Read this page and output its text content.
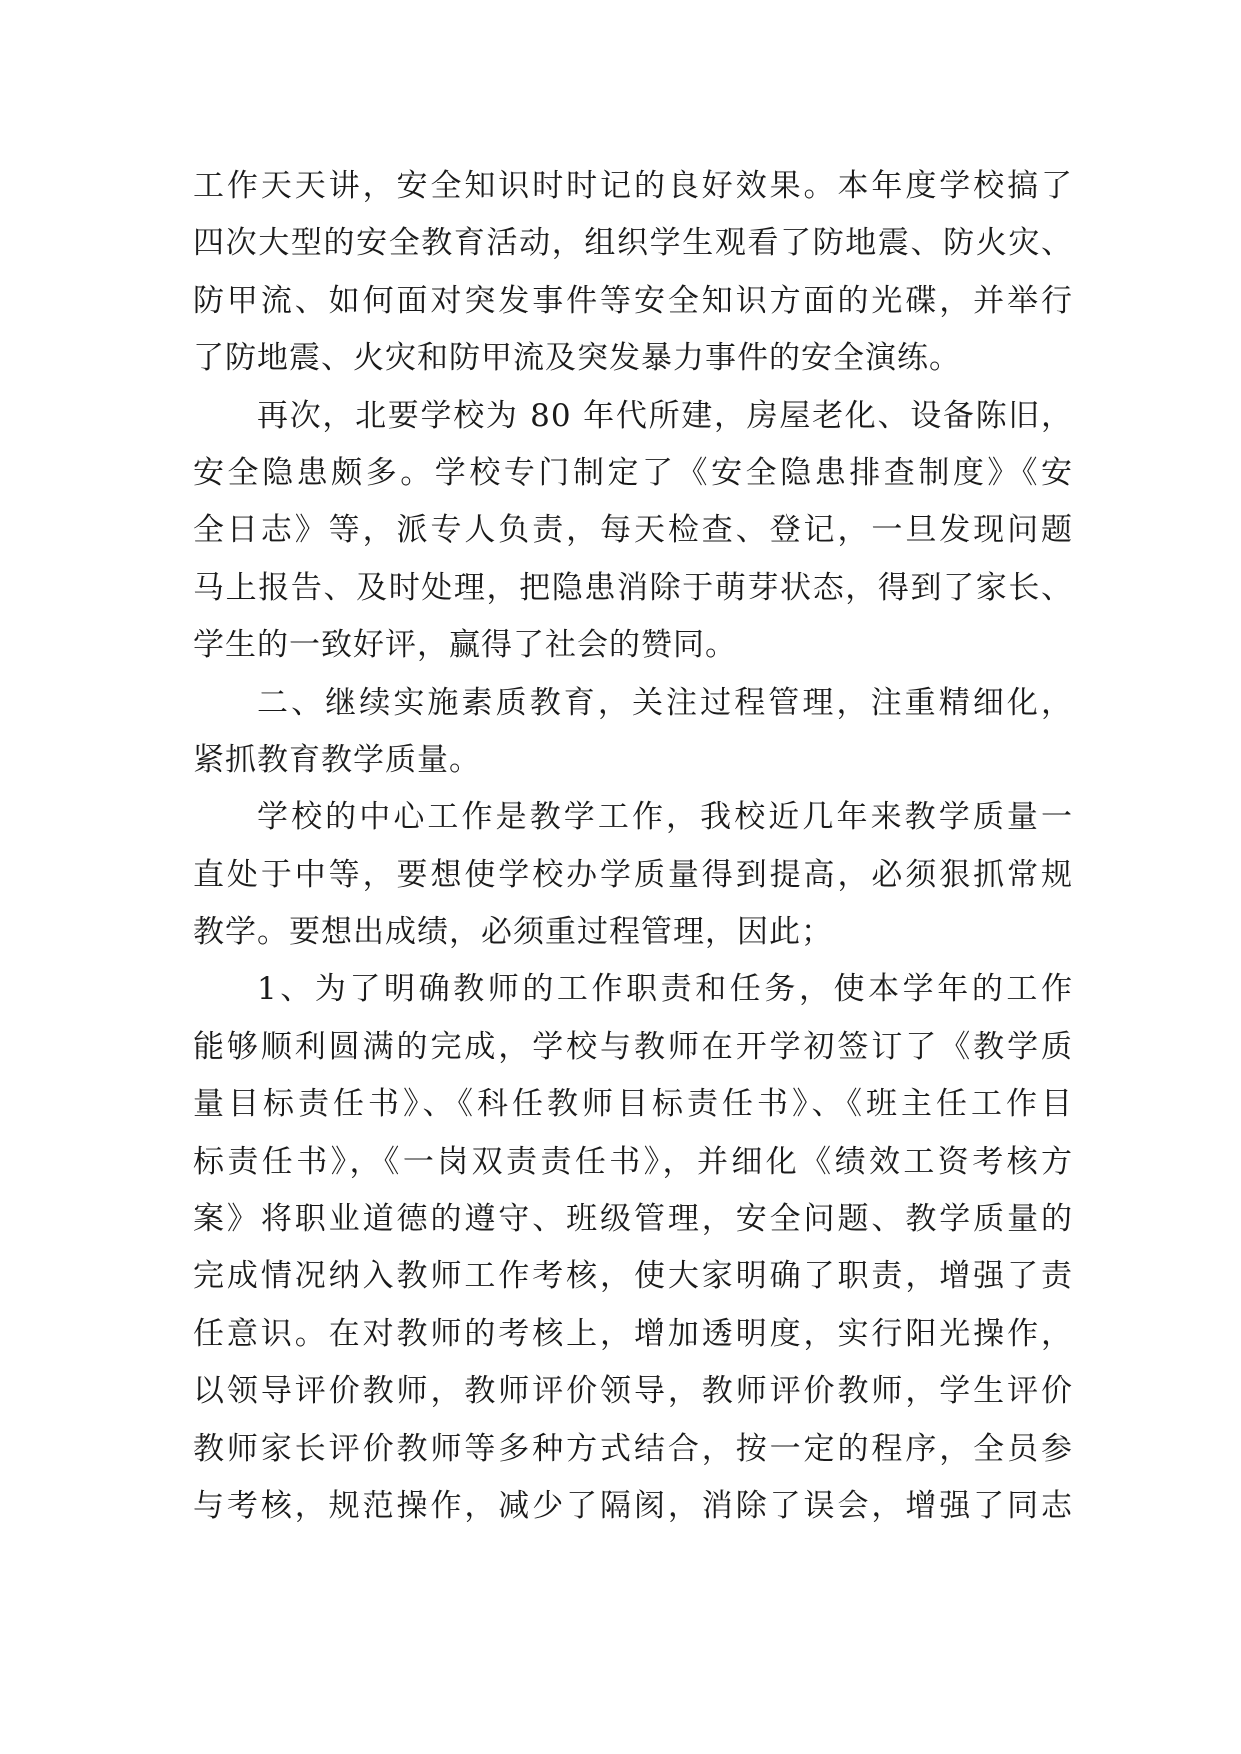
工作天天讲，安全知识时时记的良好效果。本年度学校搞了
四次大型的安全教育活动，组织学生观看了防地震、防火灾、
防甲流、如何面对突发事件等安全知识方面的光碟，并举行
了防地震、火灾和防甲流及突发暴力事件的安全演练。
再次，北要学校为 80 年代所建，房屋老化、设备陈旧，
安全隐患颇多。学校专门制定了《安全隐患排查制度》《安
全日志》等，派专人负责，每天检查、登记，一旦发现问题
马上报告、及时处理，把隐患消除于萌芽状态，得到了家长、
学生的一致好评，赢得了社会的赞同。
二、继续实施素质教育，关注过程管理，注重精细化，
紧抓教育教学质量。
学校的中心工作是教学工作，我校近几年来教学质量一
直处于中等，要想使学校办学质量得到提高，必须狠抓常规
教学。要想出成绩，必须重过程管理，因此；
1、为了明确教师的工作职责和任务，使本学年的工作
能够顺利圆满的完成，学校与教师在开学初签订了《教学质
量目标责任书》、《科任教师目标责任书》、《班主任工作目
标责任书》，《一岗双责责任书》，并细化《绩效工资考核方
案》将职业道德的遵守、班级管理，安全问题、教学质量的
完成情况纳入教师工作考核，使大家明确了职责，增强了责
任意识。在对教师的考核上，增加透明度，实行阳光操作，
以领导评价教师，教师评价领导，教师评价教师，学生评价
教师家长评价教师等多种方式结合，按一定的程序，全员参
与考核，规范操作，减少了隔阂，消除了误会，增强了同志
